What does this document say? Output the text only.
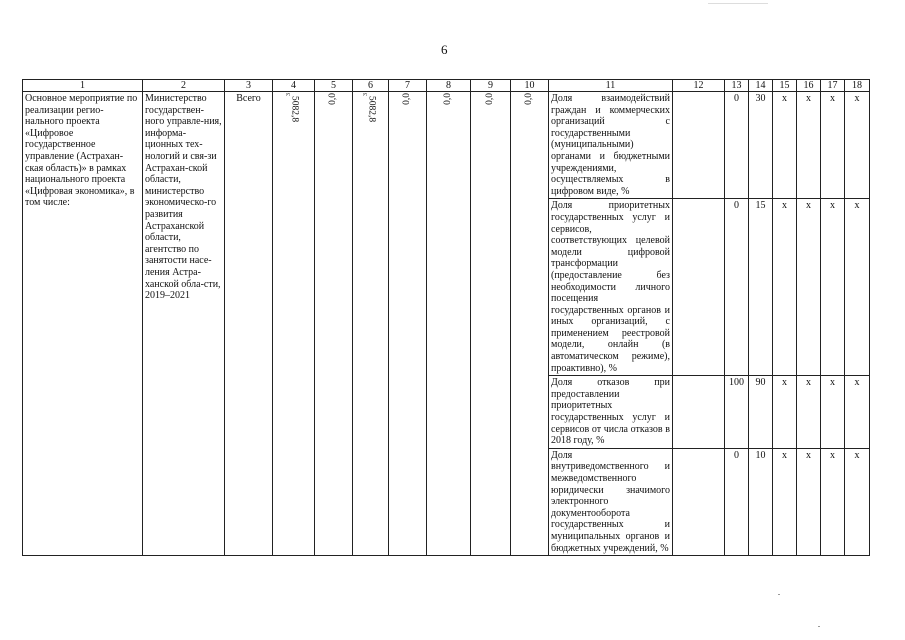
6
1	2	3	4	5	6	7	8	9	10	11	12	13	14	15	16	17	18
Основное мероприятие по реализации регио-нального проекта «Цифровое государственное управление (Астрахан-ская область)» в рамках национального проекта «Цифровая экономика», в том числе:	Министерство государствен-ного управле-ния, информа-ционных тех-нологий и свя-зи Астрахан-ской области, министерство экономическо-го развития Астраханской области, агентство по занятости насе-ления Астра-ханской обла-сти, 2019–2021	Всего	5082,8$^3$	0,0	5082,8$^3$	0,0	0,0	0,0	0,0	Доля взаимодействий граждан и коммерческих организаций с государственными (муниципальными) органами и бюджетными учреждениями, осуществляемых в цифровом виде, %		0	30	х	х	х	х
										Доля приоритетных государственных услуг и сервисов, соответствующих целевой модели цифровой трансформации (предоставление без необходимости личного посещения государственных органов и иных организаций, с применением реестровой модели, онлайн (в автоматическом режиме), проактивно), %		0	15	х	х	х	х
										Доля отказов при предоставлении приоритетных государственных услуг и сервисов от числа отказов в 2018 году, %		100	90	х	х	х	х
										Доля внутриведомственного и межведомственного юридически значимого электронного документооборота государственных и муниципальных органов и бюджетных учреждений, %		0	10	х	х	х	х
